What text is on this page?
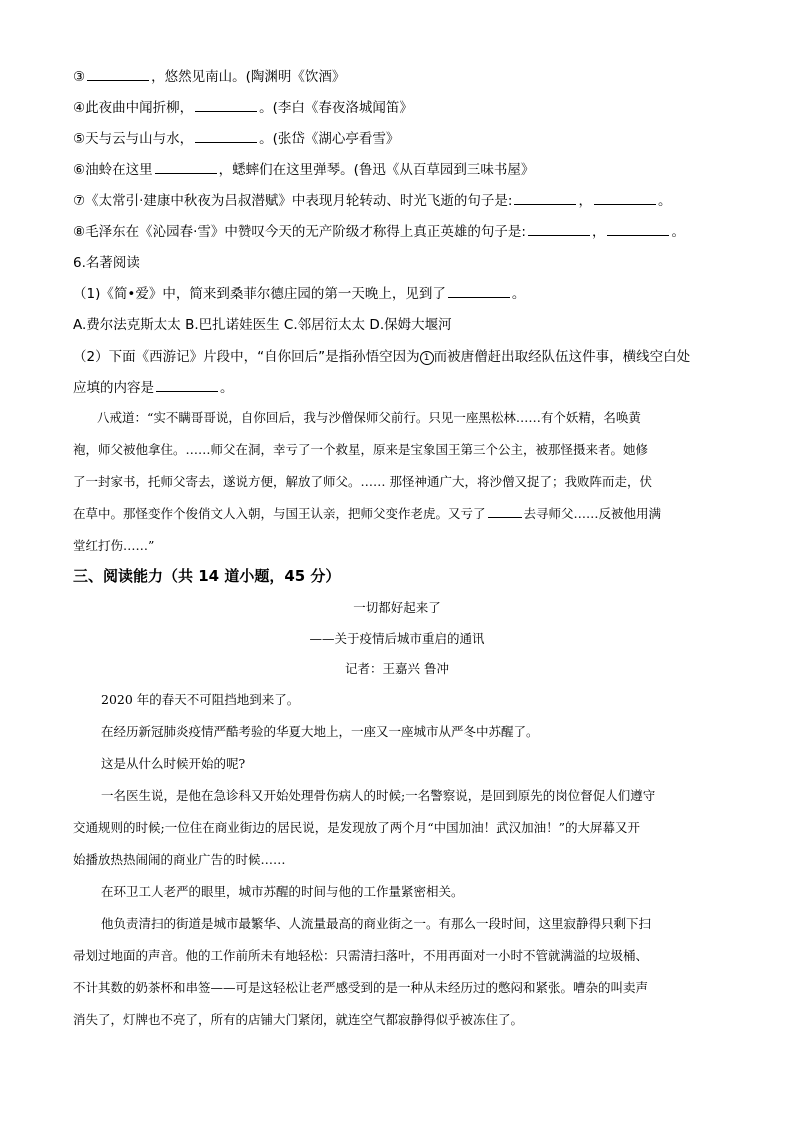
③	，悠然见南山。(陶渊明《饮酒》
④此夜曲中闻折柳，	。(李白《春夜洛城闻笛》
⑤天与云与山与水，	。(张岱《湖心亭看雪》
⑥油蛉在这里	，蟋蟀们在这里弹琴。(鲁迅《从百草园到三味书屋》
⑦《太常引·建康中秋夜为吕叔潜赋》中表现月轮转动、时光飞逝的句子是:	，	。
⑧毛泽东在《沁园春·雪》中赞叹今天的无产阶级才称得上真正英雄的句子是:	，	。
6.名著阅读
（1)《简•爱》中，简来到桑菲尔德庄园的第一天晚上，见到了	。
A.费尔法克斯太太 B.巴扎诺娃医生 C.邻居衍太太 D.保姆大堰河
（2）下面《西游记》片段中，“自你回后”是指孙悟空因为 1 而被唐僧赶出取经队伍这件事，横线空白处
应填的内容是	。
八戒道：“实不瞒哥哥说，自你回后，我与沙僧保师父前行。只见一座黑松林……有个妖精，名唤黄
袍，师父被他拿住。……师父在洞，幸亏了一个救星，原来是宝象国王第三个公主，被那怪摄来者。她修
了一封家书，托师父寄去，遂说方便，解放了师父。…… 那怪神通广大，将沙僧又捉了；我败阵而走，伏
在草中。那怪变作个俊俏文人入朝，与国王认亲，把师父变作老虎。又亏了	去寻师父……反被他用满
堂红打伤……”
三、阅读能力（共 14 道小题，45 分）
一切都好起来了
——关于疫情后城市重启的通讯
记者：王嘉兴 鲁冲
2020 年的春天不可阻挡地到来了。
在经历新冠肺炎疫情严酷考验的华夏大地上，一座又一座城市从严冬中苏醒了。
这是从什么时候开始的呢?
一名医生说，是他在急诊科又开始处理骨伤病人的时候;一名警察说，是回到原先的岗位督促人们遵守
交通规则的时候;一位住在商业街边的居民说，是发现放了两个月“中国加油！武汉加油！”的大屏幕又开
始播放热热闹闹的商业广告的时候……
在环卫工人老严的眼里，城市苏醒的时间与他的工作量紧密相关。
他负责清扫的街道是城市最繁华、人流量最高的商业街之一。有那么一段时间，这里寂静得只剩下扫
帚划过地面的声音。他的工作前所未有地轻松：只需清扫落叶，不用再面对一小时不管就满溢的垃圾桶、
不计其数的奶茶杯和串签——可是这轻松让老严感受到的是一种从未经历过的憋闷和紧张。嘈杂的叫卖声
消失了，灯牌也不亮了，所有的店铺大门紧闭，就连空气都寂静得似乎被冻住了。
